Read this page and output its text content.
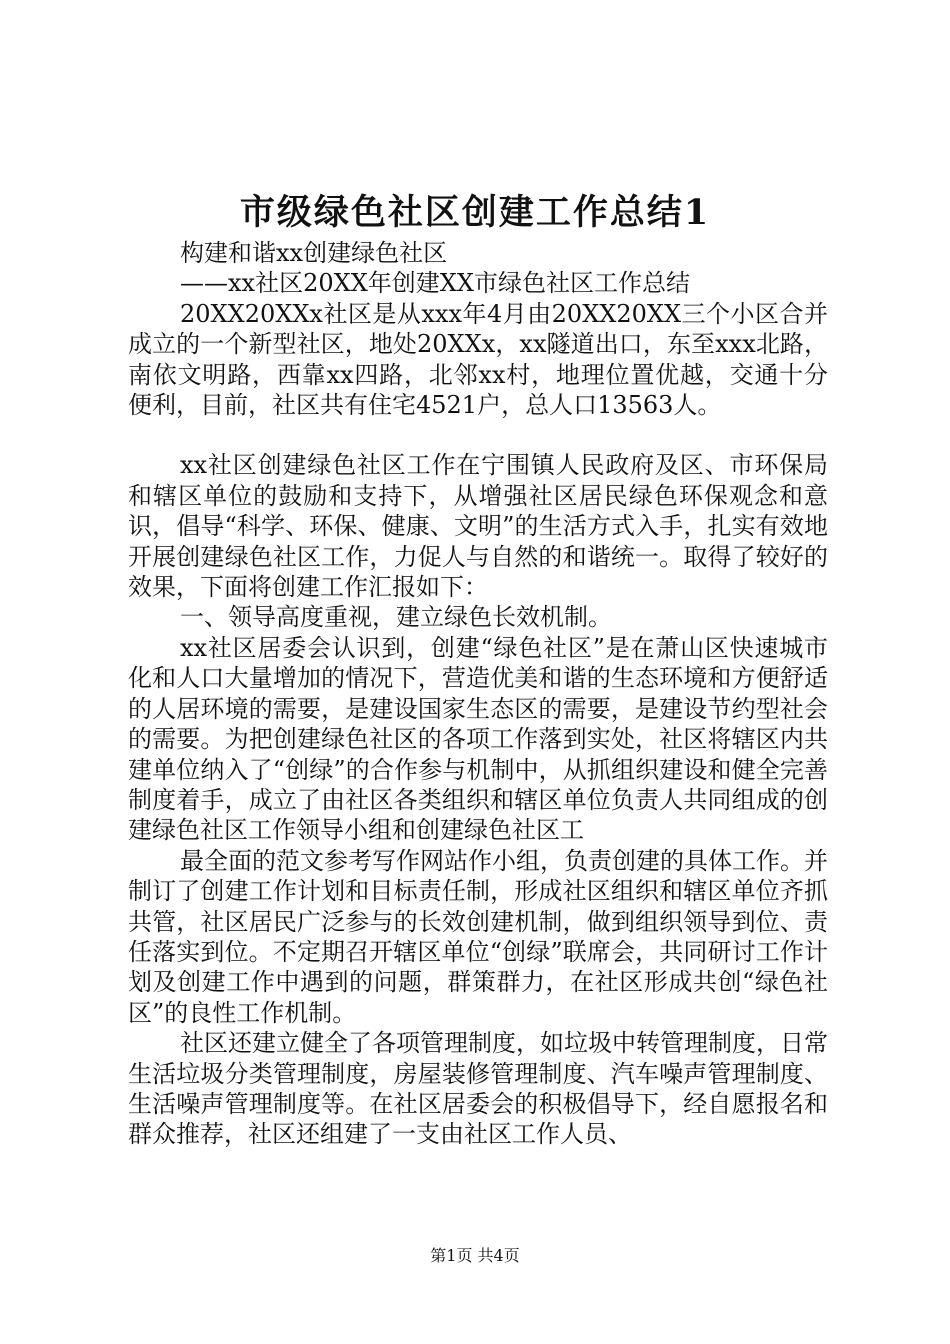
市级绿色社区创建工作总结1

构建和谐xx创建绿色社区

——xx社区20XX年创建XX市绿色社区工作总结

20XX20XXx社区是从xxx年4月由20XX20XX三个小区合并成立的一个新型社区，地处20XXx，xx隧道出口，东至xxx北路，南依文明路，西靠xx四路，北邻xx村，地理位置优越，交通十分便利，目前，社区共有住宅4521户，总人口13563人。

xx社区创建绿色社区工作在宁围镇人民政府及区、市环保局和辖区单位的鼓励和支持下，从增强社区居民绿色环保观念和意识，倡导“科学、环保、健康、文明”的生活方式入手，扎实有效地开展创建绿色社区工作，力促人与自然的和谐统一。取得了较好的效果，下面将创建工作汇报如下：

一、领导高度重视，建立绿色长效机制。

xx社区居委会认识到，创建“绿色社区”是在萧山区快速城市化和人口大量增加的情况下，营造优美和谐的生态环境和方便舒适的人居环境的需要，是建设国家生态区的需要，是建设节约型社会的需要。为把创建绿色社区的各项工作落到实处，社区将辖区内共建单位纳入了“创绿”的合作参与机制中，从抓组织建设和健全完善制度着手，成立了由社区各类组织和辖区单位负责人共同组成的创建绿色社区工作领导小组和创建绿色社区工

最全面的范文参考写作网站作小组，负责创建的具体工作。并制订了创建工作计划和目标责任制，形成社区组织和辖区单位齐抓共管，社区居民广泛参与的长效创建机制，做到组织领导到位、责任落实到位。不定期召开辖区单位“创绿”联席会，共同研讨工作计划及创建工作中遇到的问题，群策群力，在社区形成共创“绿色社区”的良性工作机制。

社区还建立健全了各项管理制度，如垃圾中转管理制度，日常生活垃圾分类管理制度，房屋装修管理制度、汽车噪声管理制度、生活噪声管理制度等。在社区居委会的积极倡导下，经自愿报名和群众推荐，社区还组建了一支由社区工作人员、

第1页 共4页
